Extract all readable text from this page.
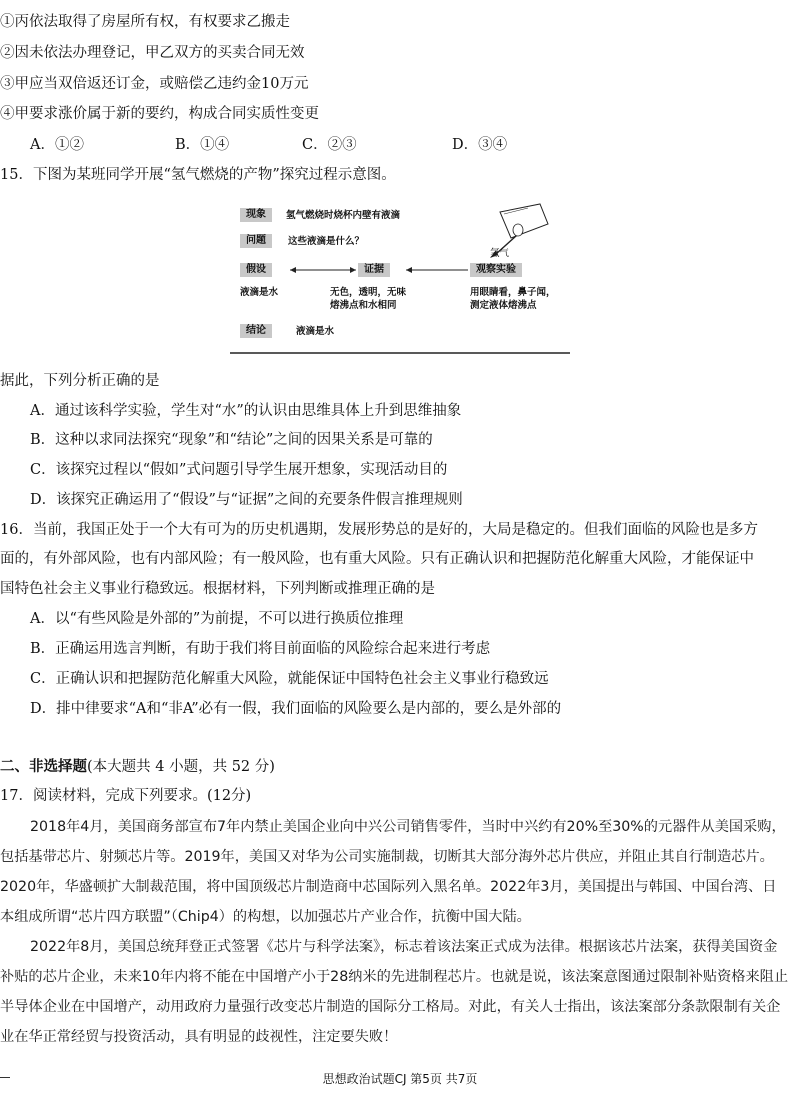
①丙依法取得了房屋所有权，有权要求乙搬走
②因未依法办理登记，甲乙双方的买卖合同无效
③甲应当双倍返还订金，或赔偿乙违约金10万元
④甲要求涨价属于新的要约，构成合同实质性变更
A．①②	B．①④	C．②③	D．③④
15．下图为某班同学开展“氢气燃烧的产物”探究过程示意图。
现象	氢气燃烧时烧杯内壁有液滴
问题	这些液滴是什么？
氢气
假设	证据	观察实验
液滴是水	无色，透明，无味
熔沸点和水相同
用眼睛看，鼻子闻，
测定液体熔沸点
结论	液滴是水
据此，下列分析正确的是
A．通过该科学实验，学生对“水”的认识由思维具体上升到思维抽象
B．这种以求同法探究“现象”和“结论”之间的因果关系是可靠的
C．该探究过程以“假如”式问题引导学生展开想象，实现活动目的
D．该探究正确运用了“假设”与“证据”之间的充要条件假言推理规则
16．当前，我国正处于一个大有可为的历史机遇期，发展形势总的是好的，大局是稳定的。但我们面临的风险也是多方
面的，有外部风险，也有内部风险；有一般风险，也有重大风险。只有正确认识和把握防范化解重大风险，才能保证中
国特色社会主义事业行稳致远。根据材料，下列判断或推理正确的是
A．以“有些风险是外部的”为前提，不可以进行换质位推理
B．正确运用选言判断，有助于我们将目前面临的风险综合起来进行考虑
C．正确认识和把握防范化解重大风险，就能保证中国特色社会主义事业行稳致远
D．排中律要求“A和“非A”必有一假，我们面临的风险要么是内部的，要么是外部的
二、非选择题(本大题共 4 小题，共 52 分)
17．阅读材料，完成下列要求。(12分)
2018年4月，美国商务部宣布7年内禁止美国企业向中兴公司销售零件，当时中兴约有20%至30%的元器件从美国采购，包括基带芯片、射频芯片等。2019年，美国又对华为公司实施制裁，切断其大部分海外芯片供应，并阻止其自行制造芯片。2020年，华盛顿扩大制裁范围，将中国顶级芯片制造商中芯国际列入黑名单。2022年3月，美国提出与韩国、中国台湾、日本组成所谓“芯片四方联盟”（Chip4）的构想，以加强芯片产业合作，抗衡中国大陆。
2022年8月，美国总统拜登正式签署《芯片与科学法案》，标志着该法案正式成为法律。根据该芯片法案，获得美国资金补贴的芯片企业，未来10年内将不能在中国增产小于28纳米的先进制程芯片。也就是说，该法案意图通过限制补贴资格来阻止半导体企业在中国增产，动用政府力量强行改变芯片制造的国际分工格局。对此，有关人士指出，该法案部分条款限制有关企业在华正常经贸与投资活动，具有明显的歧视性，注定要失败！
思想政治试题CJ 第5页 共7页
